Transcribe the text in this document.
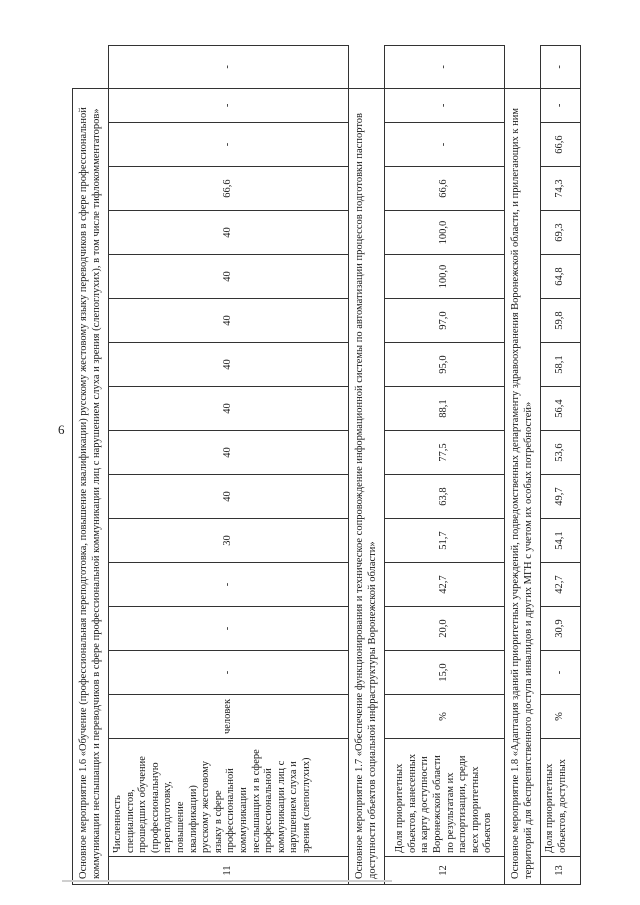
6 Основное мероприятие 1.6 «Обучение (профессиональная переподготовка, повышение квалификации) русскому жестовому языку переводчиков в сфере профессиональной коммуникации неслышащих и переводчиков в сфере профессиональной коммуникации лиц с нарушением слуха и зрения (слепоглухих), в том числе тифлокомментаторов»																	
11	Численность специалистов, прошедших обучение (профессиональную переподготовку, повышение квалификации) русскому жестовому языку в сфере профессиональной коммуникации неслышащих и в сфере профессиональной коммуникации лиц с нарушением слуха и зрения (слепоглухих)	человек	-	-	-	30	40	40	40	40	40	40	40	66,6	-	-	-
Основное мероприятие 1.7 «Обеспечение функционирования и техническое сопровождение информационной системы по автоматизации процессов подготовки паспортов доступности объектов социальной инфраструктуры Воронежской области»																	
12	Доля приоритетных объектов, нанесенных на карту доступности Воронежской области по результатам их паспортизации, среди всех приоритетных объектов	%	15,0	20,0	42,7	51,7	63,8	77,5	88,1	95,0	97,0	100,0	100,0	66,6	-	-	-
Основное мероприятие 1.8 «Адаптация зданий приоритетных учреждений, подведомственных департаменту здравоохранения Воронежской области, и прилегающих к ним территорий для беспрепятственного доступа инвалидов и других МГН с учетом их особых потребностей»																	
13	Доля приоритетных объектов, доступных	%	-	30,9	42,7	54,1	49,7	53,6	56,4	58,1	59,8	64,8	69,3	74,3	66,6	-	-
